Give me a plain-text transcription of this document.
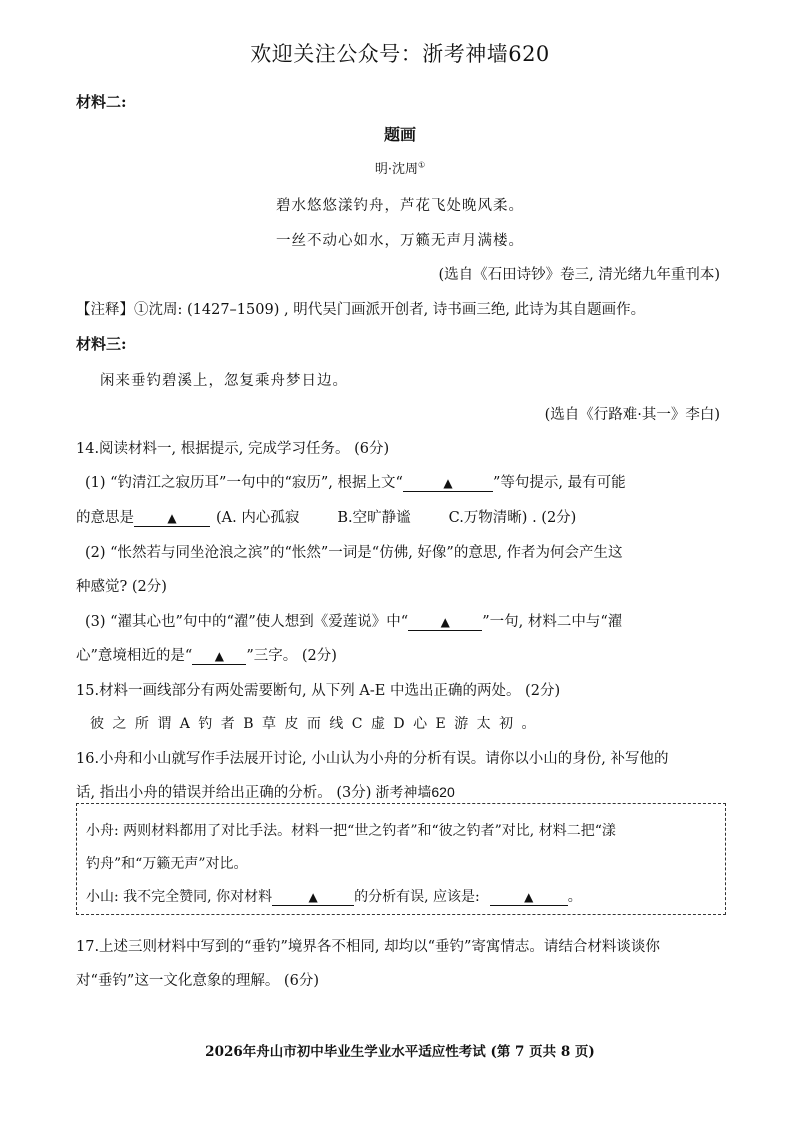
欢迎关注公众号：浙考神墙620
材料二:
题画
明·沈周①
碧水悠悠漾钓舟，芦花飞处晚风柔。
一丝不动心如水，万籁无声月满楼。
(选自《石田诗钞》卷三, 清光绪九年重刊本)
【注释】①沈周: (1427–1509) , 明代吴门画派开创者, 诗书画三绝, 此诗为其自题画作。
材料三:
闲来垂钓碧溪上，忽复乘舟梦日边。
(选自《行路难·其一》李白)
14.阅读材料一, 根据提示, 完成学习任务。 (6分)
(1) “钓清江之寂历耳”一句中的“寂历”, 根据上文“	▲	”等句提示, 最有可能
的意思是	▲	(A. 内心孤寂	B.空旷静谧	C.万物清晰) . (2分)
(2) “怅然若与同坐沧浪之滨”的“怅然”一词是“仿佛, 好像”的意思, 作者为何会产生这
种感觉? (2分)
(3) “濯其心也”句中的“濯”使人想到《爱莲说》中“	▲ ”一句, 材料二中与“濯
心”意境相近的是“ ▲ ”三字。 (2分)
15.材料一画线部分有两处需要断句, 从下列 A-E 中选出正确的两处。 (2分)
彼 之 所 谓 A 钓 者 B 草 皮 而 线 C 虚 D 心 E 游 太 初 。
16.小舟和小山就写作手法展开讨论, 小山认为小舟的分析有误。请你以小山的身份, 补写他的
话, 指出小舟的错误并给出正确的分析。 (3分) 浙考神墙620
小舟: 两则材料都用了对比手法。材料一把“世之钓者”和“彼之钓者”对比, 材料二把“漾
钓舟”和“万籁无声”对比。
小山: 我不完全赞同, 你对材料	▲	的分析有误, 应该是:	▲ 。
17.上述三则材料中写到的“垂钓”境界各不相同, 却均以“垂钓”寄寓情志。请结合材料谈谈你
对“垂钓”这一文化意象的理解。 (6分)
2026年舟山市初中毕业生学业水平适应性考试 (第 7 页共 8 页)
